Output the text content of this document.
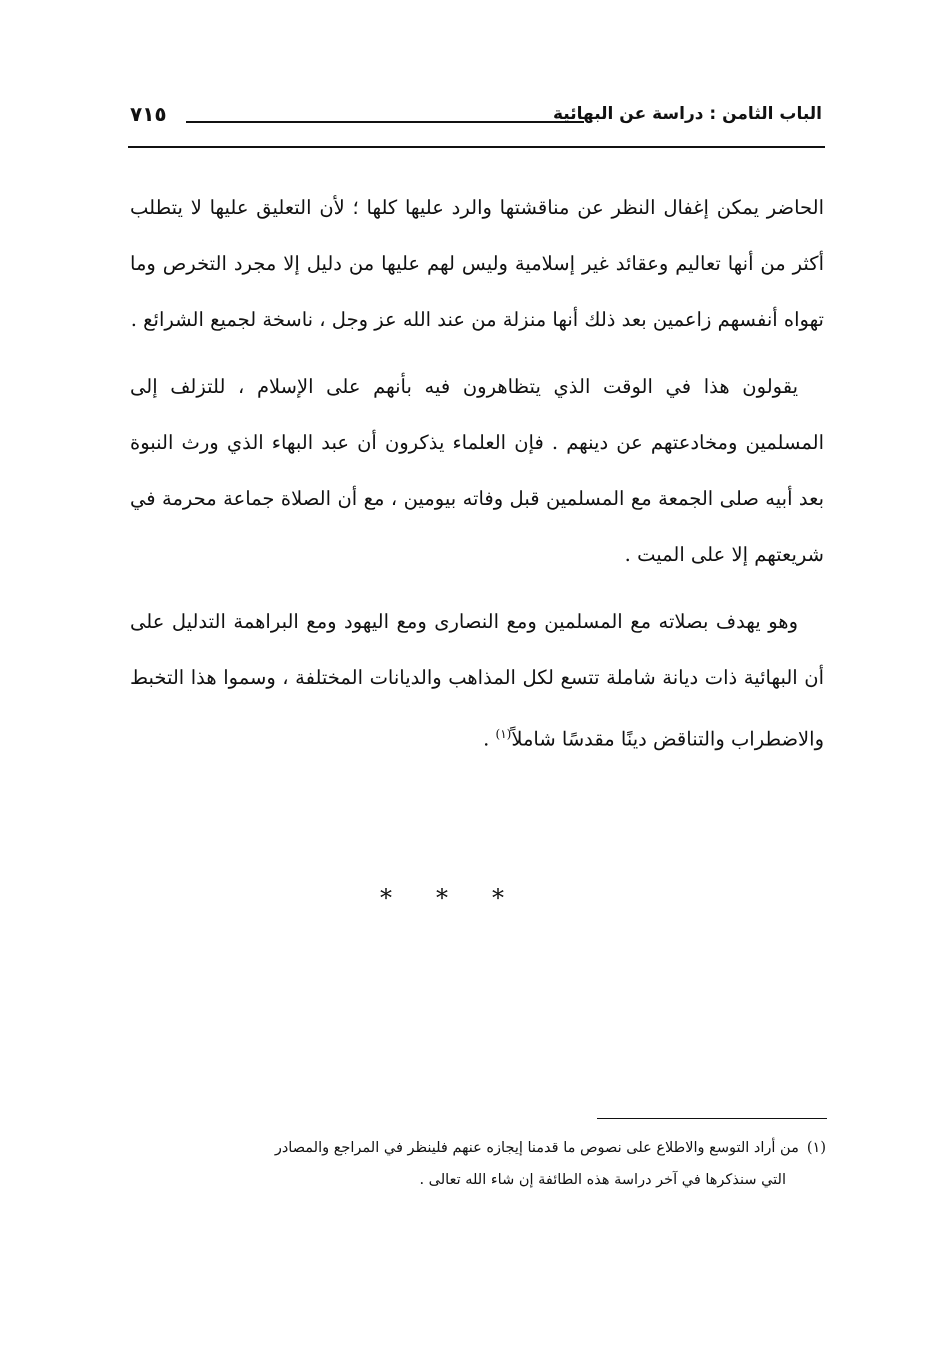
الباب الثامن : دراسة عن البهائية
٧١٥

الحاضر يمكن إغفال النظر عن مناقشتها والرد عليها كلها ؛ لأن التعليق عليها لا يتطلب أكثر من أنها تعاليم وعقائد غير إسلامية وليس لهم عليها من دليل إلا مجرد التخرص وما تهواه أنفسهم زاعمين بعد ذلك أنها منزلة من عند الله عز وجل ، ناسخة لجميع الشرائع .

يقولون هذا في الوقت الذي يتظاهرون فيه بأنهم على الإسلام ، للتزلف إلى المسلمين ومخادعتهم عن دينهم . فإن العلماء يذكرون أن عبد البهاء الذي ورث النبوة بعد أبيه صلى الجمعة مع المسلمين قبل وفاته بيومين ، مع أن الصلاة جماعة محرمة في شريعتهم إلا على الميت .

وهو يهدف بصلاته مع المسلمين ومع النصارى ومع اليهود ومع البراهمة التدليل على أن البهائية ذات ديانة شاملة تتسع لكل المذاهب والديانات المختلفة ، وسموا هذا التخبط والاضطراب والتناقض دينًا مقدسًا شاملاً$^{(١)}$ .

***
(١)من أراد التوسع والاطلاع على نصوص ما قدمنا إيجازه عنهم فلينظر في المراجع والمصادر
التي سنذكرها في آخر دراسة هذه الطائفة إن شاء الله تعالى .
